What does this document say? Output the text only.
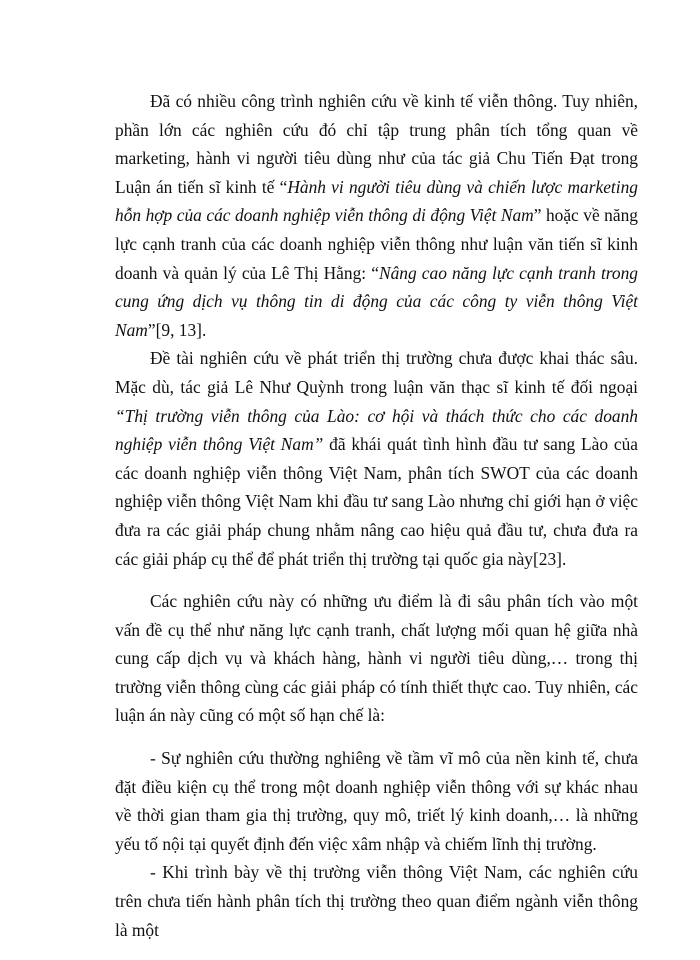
Đã có nhiều công trình nghiên cứu về kinh tế viễn thông. Tuy nhiên, phần lớn các nghiên cứu đó chỉ tập trung phân tích tổng quan về marketing, hành vi người tiêu dùng như của tác giả Chu Tiến Đạt trong Luận án tiến sĩ kinh tế “Hành vi người tiêu dùng và chiến lược marketing hỗn hợp của các doanh nghiệp viễn thông di động Việt Nam” hoặc về năng lực cạnh tranh của các doanh nghiệp viễn thông như luận văn tiến sĩ kinh doanh và quản lý của Lê Thị Hằng: “Nâng cao năng lực cạnh tranh trong cung ứng dịch vụ thông tin di động của các công ty viễn thông Việt Nam”[9, 13].

Đề tài nghiên cứu về phát triển thị trường chưa được khai thác sâu. Mặc dù, tác giả Lê Như Quỳnh trong luận văn thạc sĩ kinh tế đối ngoại “Thị trường viễn thông của Lào: cơ hội và thách thức cho các doanh nghiệp viễn thông Việt Nam” đã khái quát tình hình đầu tư sang Lào của các doanh nghiệp viễn thông Việt Nam, phân tích SWOT của các doanh nghiệp viễn thông Việt Nam khi đầu tư sang Lào nhưng chỉ giới hạn ở việc đưa ra các giải pháp chung nhằm nâng cao hiệu quả đầu tư, chưa đưa ra các giải pháp cụ thể để phát triển thị trường tại quốc gia này[23].

Các nghiên cứu này có những ưu điểm là đi sâu phân tích vào một vấn đề cụ thể như năng lực cạnh tranh, chất lượng mối quan hệ giữa nhà cung cấp dịch vụ và khách hàng, hành vi người tiêu dùng,… trong thị trường viễn thông cùng các giải pháp có tính thiết thực cao. Tuy nhiên, các luận án này cũng có một số hạn chế là:

- Sự nghiên cứu thường nghiêng về tầm vĩ mô của nền kinh tế, chưa đặt điều kiện cụ thể trong một doanh nghiệp viễn thông với sự khác nhau về thời gian tham gia thị trường, quy mô, triết lý kinh doanh,… là những yếu tố nội tại quyết định đến việc xâm nhập và chiếm lĩnh thị trường.

- Khi trình bày về thị trường viễn thông Việt Nam, các nghiên cứu trên chưa tiến hành phân tích thị trường theo quan điểm ngành viễn thông là một
